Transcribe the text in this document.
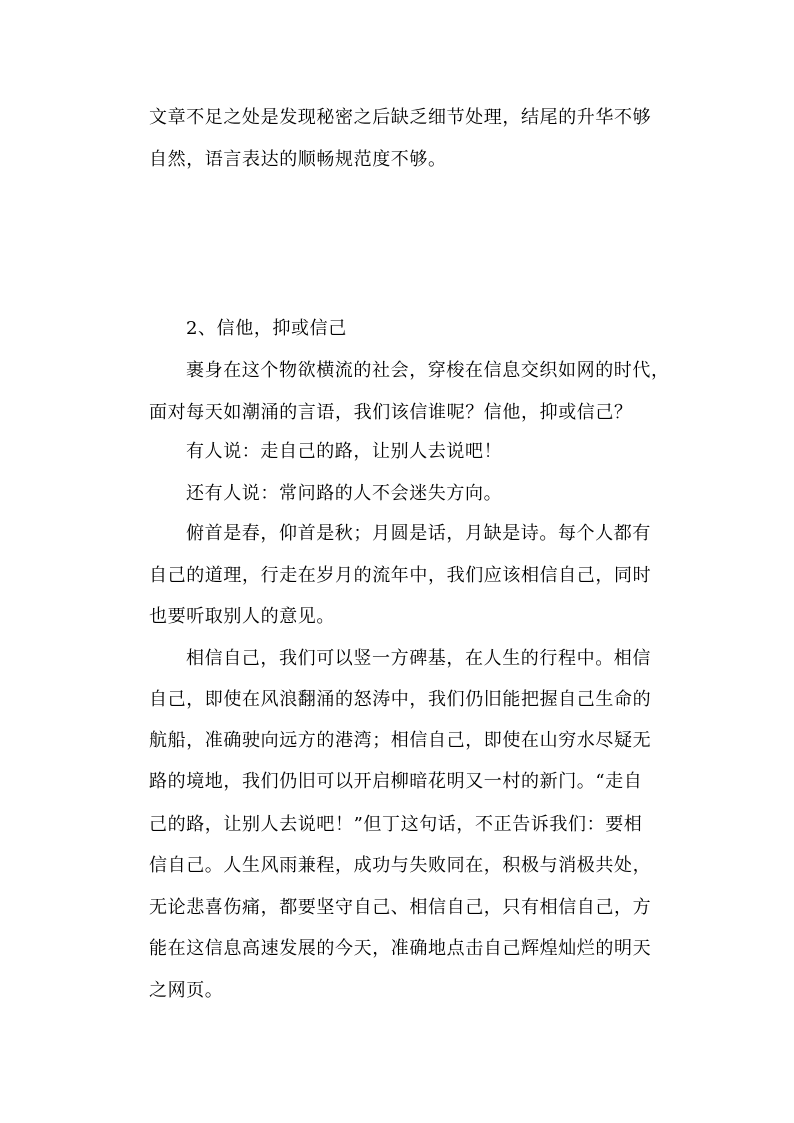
文章不足之处是发现秘密之后缺乏细节处理，结尾的升华不够
自然，语言表达的顺畅规范度不够。
2、信他，抑或信己
裹身在这个物欲横流的社会，穿梭在信息交织如网的时代，
面对每天如潮涌的言语，我们该信谁呢？信他，抑或信己？
有人说：走自己的路，让别人去说吧！
还有人说：常问路的人不会迷失方向。
俯首是春，仰首是秋；月圆是话，月缺是诗。每个人都有
自己的道理，行走在岁月的流年中，我们应该相信自己，同时
也要听取别人的意见。
相信自己，我们可以竖一方碑基，在人生的行程中。相信
自己，即使在风浪翻涌的怒涛中，我们仍旧能把握自己生命的
航船，准确驶向远方的港湾；相信自己，即使在山穷水尽疑无
路的境地，我们仍旧可以开启柳暗花明又一村的新门。“走自
己的路，让别人去说吧！”但丁这句话，不正告诉我们：要相
信自己。人生风雨兼程，成功与失败同在，积极与消极共处，
无论悲喜伤痛，都要坚守自己、相信自己，只有相信自己，方
能在这信息高速发展的今天，准确地点击自己辉煌灿烂的明天
之网页。
